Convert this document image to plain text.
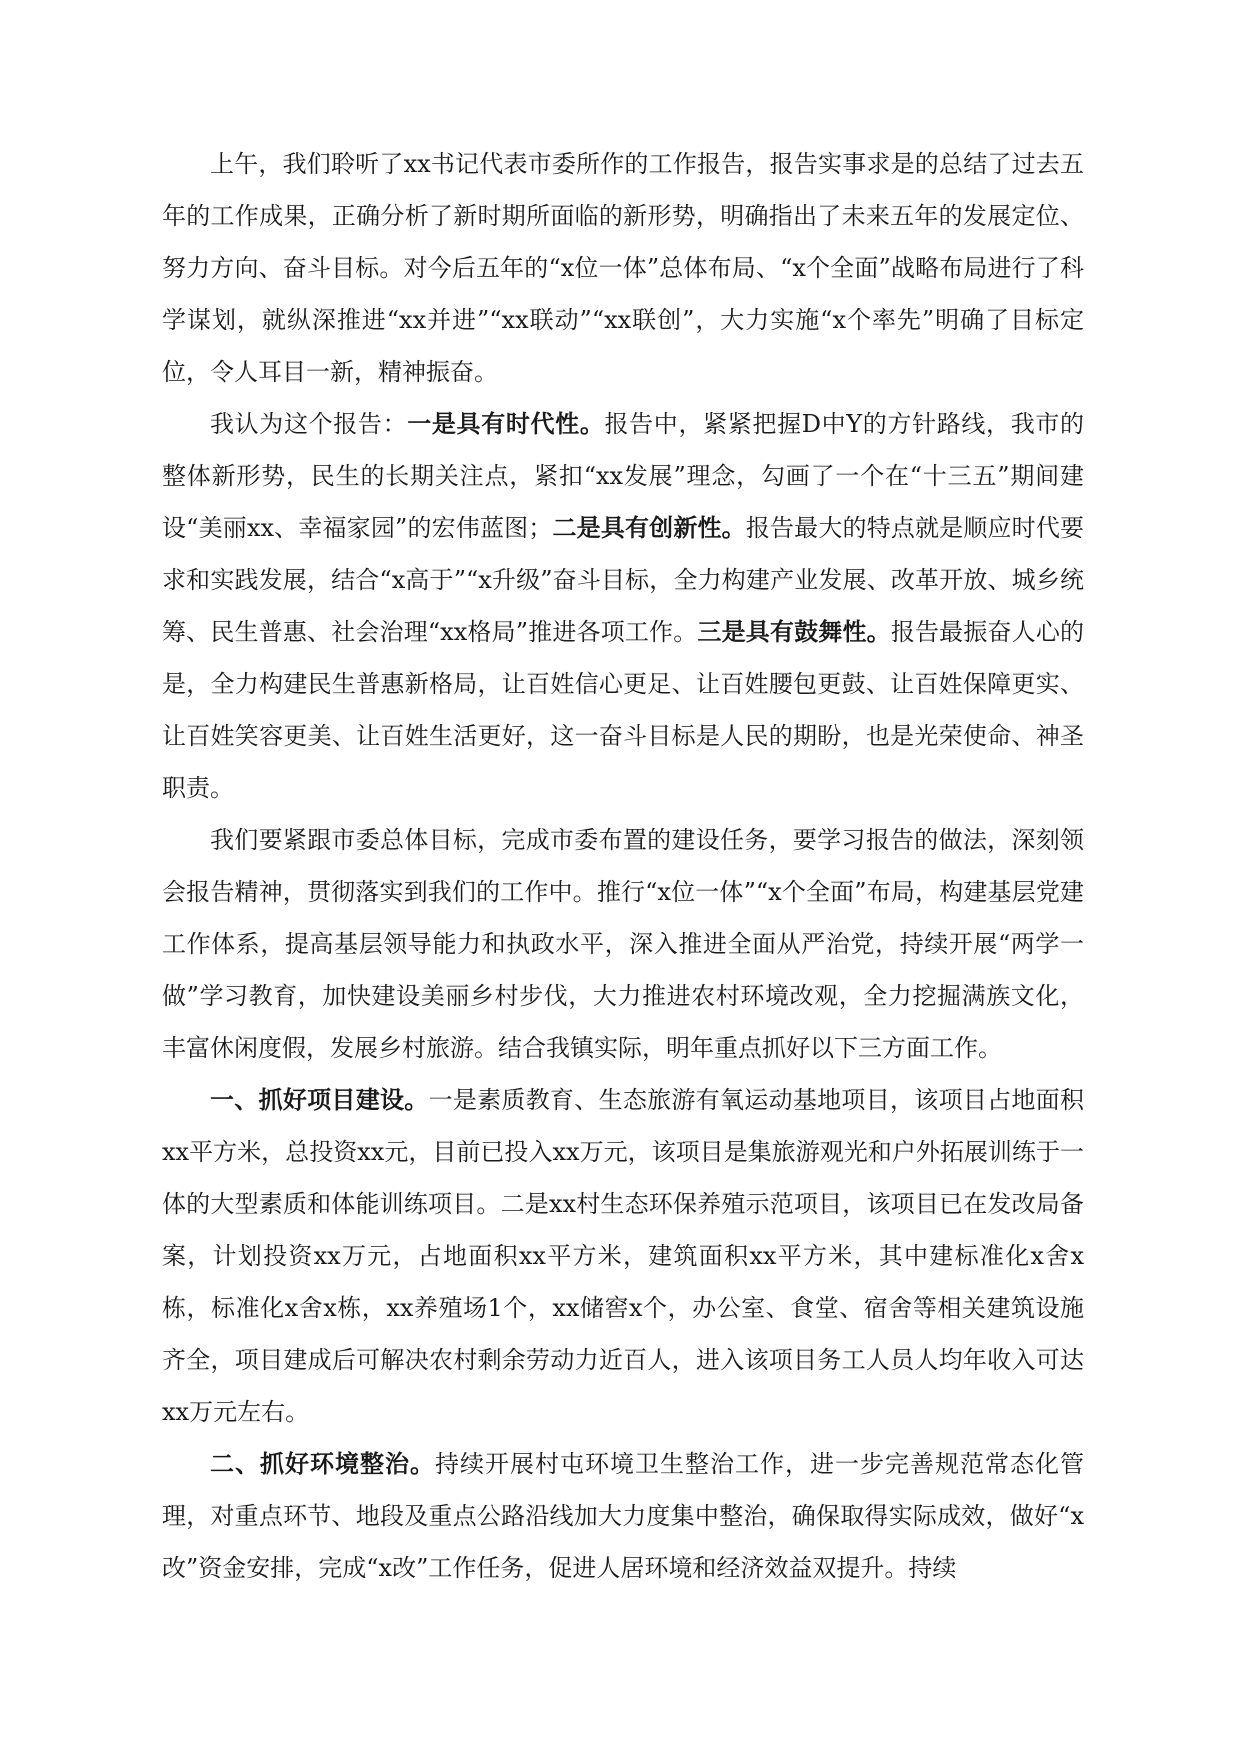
上午，我们聆听了xx书记代表市委所作的工作报告，报告实事求是的总结了过去五年的工作成果，正确分析了新时期所面临的新形势，明确指出了未来五年的发展定位、努力方向、奋斗目标。对今后五年的“x位一体”总体布局、“x个全面”战略布局进行了科学谋划，就纵深推进“xx并进”“xx联动”“xx联创”，大力实施“x个率先”明确了目标定位，令人耳目一新，精神振奋。

我认为这个报告：一是具有时代性。报告中，紧紧把握D中Y的方针路线，我市的整体新形势，民生的长期关注点，紧扣“xx发展”理念，勾画了一个在“十三五”期间建设“美丽xx、幸福家园”的宏伟蓝图；二是具有创新性。报告最大的特点就是顺应时代要求和实践发展，结合“x高于”“x升级”奋斗目标，全力构建产业发展、改革开放、城乡统筹、民生普惠、社会治理“xx格局”推进各项工作。三是具有鼓舞性。报告最振奋人心的是，全力构建民生普惠新格局，让百姓信心更足、让百姓腰包更鼓、让百姓保障更实、让百姓笑容更美、让百姓生活更好，这一奋斗目标是人民的期盼，也是光荣使命、神圣职责。

我们要紧跟市委总体目标，完成市委布置的建设任务，要学习报告的做法，深刻领会报告精神，贯彻落实到我们的工作中。推行“x位一体”“x个全面”布局，构建基层党建工作体系，提高基层领导能力和执政水平，深入推进全面从严治党，持续开展“两学一做”学习教育，加快建设美丽乡村步伐，大力推进农村环境改观，全力挖掘满族文化，丰富休闲度假，发展乡村旅游。结合我镇实际，明年重点抓好以下三方面工作。

一、抓好项目建设。一是素质教育、生态旅游有氧运动基地项目，该项目占地面积xx平方米，总投资xx元，目前已投入xx万元，该项目是集旅游观光和户外拓展训练于一体的大型素质和体能训练项目。二是xx村生态环保养殖示范项目，该项目已在发改局备案，计划投资xx万元，占地面积xx平方米，建筑面积xx平方米，其中建标准化x舍x栋，标准化x舍x栋，xx养殖场1个，xx储窖x个，办公室、食堂、宿舍等相关建筑设施齐全，项目建成后可解决农村剩余劳动力近百人，进入该项目务工人员人均年收入可达xx万元左右。

二、抓好环境整治。持续开展村屯环境卫生整治工作，进一步完善规范常态化管理，对重点环节、地段及重点公路沿线加大力度集中整治，确保取得实际成效，做好“x改”资金安排，完成“x改”工作任务，促进人居环境和经济效益双提升。持续
